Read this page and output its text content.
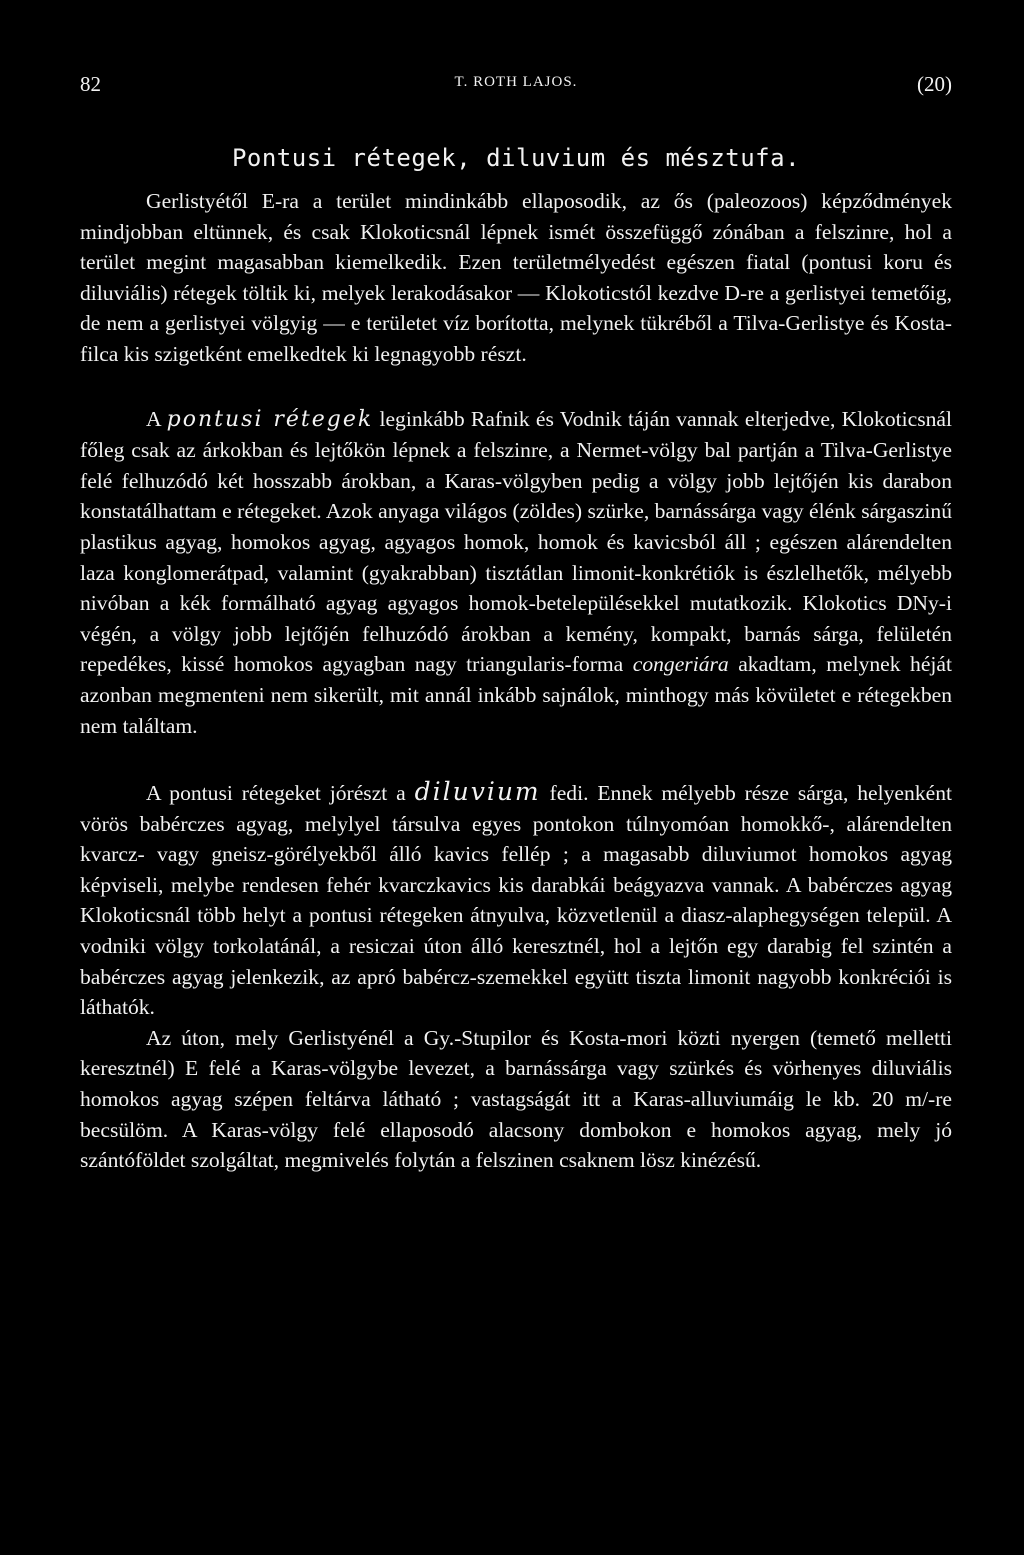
82	T. ROTH LAJOS.	(20)
Pontusi rétegek, diluvium és mésztufa.

Gerlistyétől E-ra a terület mindinkább ellaposodik, az ős (paleozoos) képződmények mindjobban eltünnek, és csak Klokoticsnál lépnek ismét összefüggő zónában a felszinre, hol a terület megint magasabban kiemelkedik. Ezen területmélyedést egészen fiatal (pontusi koru és diluviális) rétegek töltik ki, melyek lerakodásakor — Klokoticstól kezdve D-re a gerlistyei temetőig, de nem a gerlistyei völgyig — e területet víz borította, melynek tükréből a Tilva-Gerlistye és Kosta-filca kis szigetként emelkedtek ki legnagyobb részt.

A pontusi rétegek leginkább Rafnik és Vodnik táján vannak elterjedve, Klokoticsnál főleg csak az árkokban és lejtőkön lépnek a felszinre, a Nermet-völgy bal partján a Tilva-Gerlistye felé felhuzódó két hosszabb árokban, a Karas-völgyben pedig a völgy jobb lejtőjén kis darabon konstatálhattam e rétegeket. Azok anyaga világos (zöldes) szürke, barnássárga vagy élénk sárgaszinű plastikus agyag, homokos agyag, agyagos homok, homok és kavicsból áll ; egészen alárendelten laza konglomerátpad, valamint (gyakrabban) tisztátlan limonit-konkrétiók is észlelhetők, mélyebb nivóban a kék formálható agyag agyagos homok-betelepülésekkel mutatkozik. Klokotics DNy-i végén, a völgy jobb lejtőjén felhuzódó árokban a kemény, kompakt, barnás sárga, felületén repedékes, kissé homokos agyagban nagy triangularis-forma congeriára akadtam, melynek héját azonban megmenteni nem sikerült, mit annál inkább sajnálok, minthogy más kövületet e rétegekben nem találtam.

A pontusi rétegeket jórészt a diluvium fedi. Ennek mélyebb része sárga, helyenként vörös babérczes agyag, melylyel társulva egyes pontokon túlnyomóan homokkő-, alárendelten kvarcz- vagy gneisz-görélyekből álló kavics fellép ; a magasabb diluviumot homokos agyag képviseli, melybe rendesen fehér kvarczkavics kis darabkái beágyazva vannak. A babérczes agyag Klokoticsnál több helyt a pontusi rétegeken átnyulva, közvetlenül a diasz-alaphegységen települ. A vodniki völgy torkolatánál, a resiczai úton álló keresztnél, hol a lejtőn egy darabig fel szintén a babérczes agyag jelenkezik, az apró babércz-szemekkel együtt tiszta limonit nagyobb konkréciói is láthatók.

Az úton, mely Gerlistyénél a Gy.-Stupilor és Kosta-mori közti nyergen (temető melletti keresztnél) E felé a Karas-völgybe levezet, a barnássárga vagy szürkés és vörhenyes diluviális homokos agyag szépen feltárva látható ; vastagságát itt a Karas-alluviumáig le kb. 20 m/-re becsülöm. A Karas-völgy felé ellaposodó alacsony dombokon e homokos agyag, mely jó szántóföldet szolgáltat, megmivelés folytán a felszinen csaknem lösz kinézésű.
